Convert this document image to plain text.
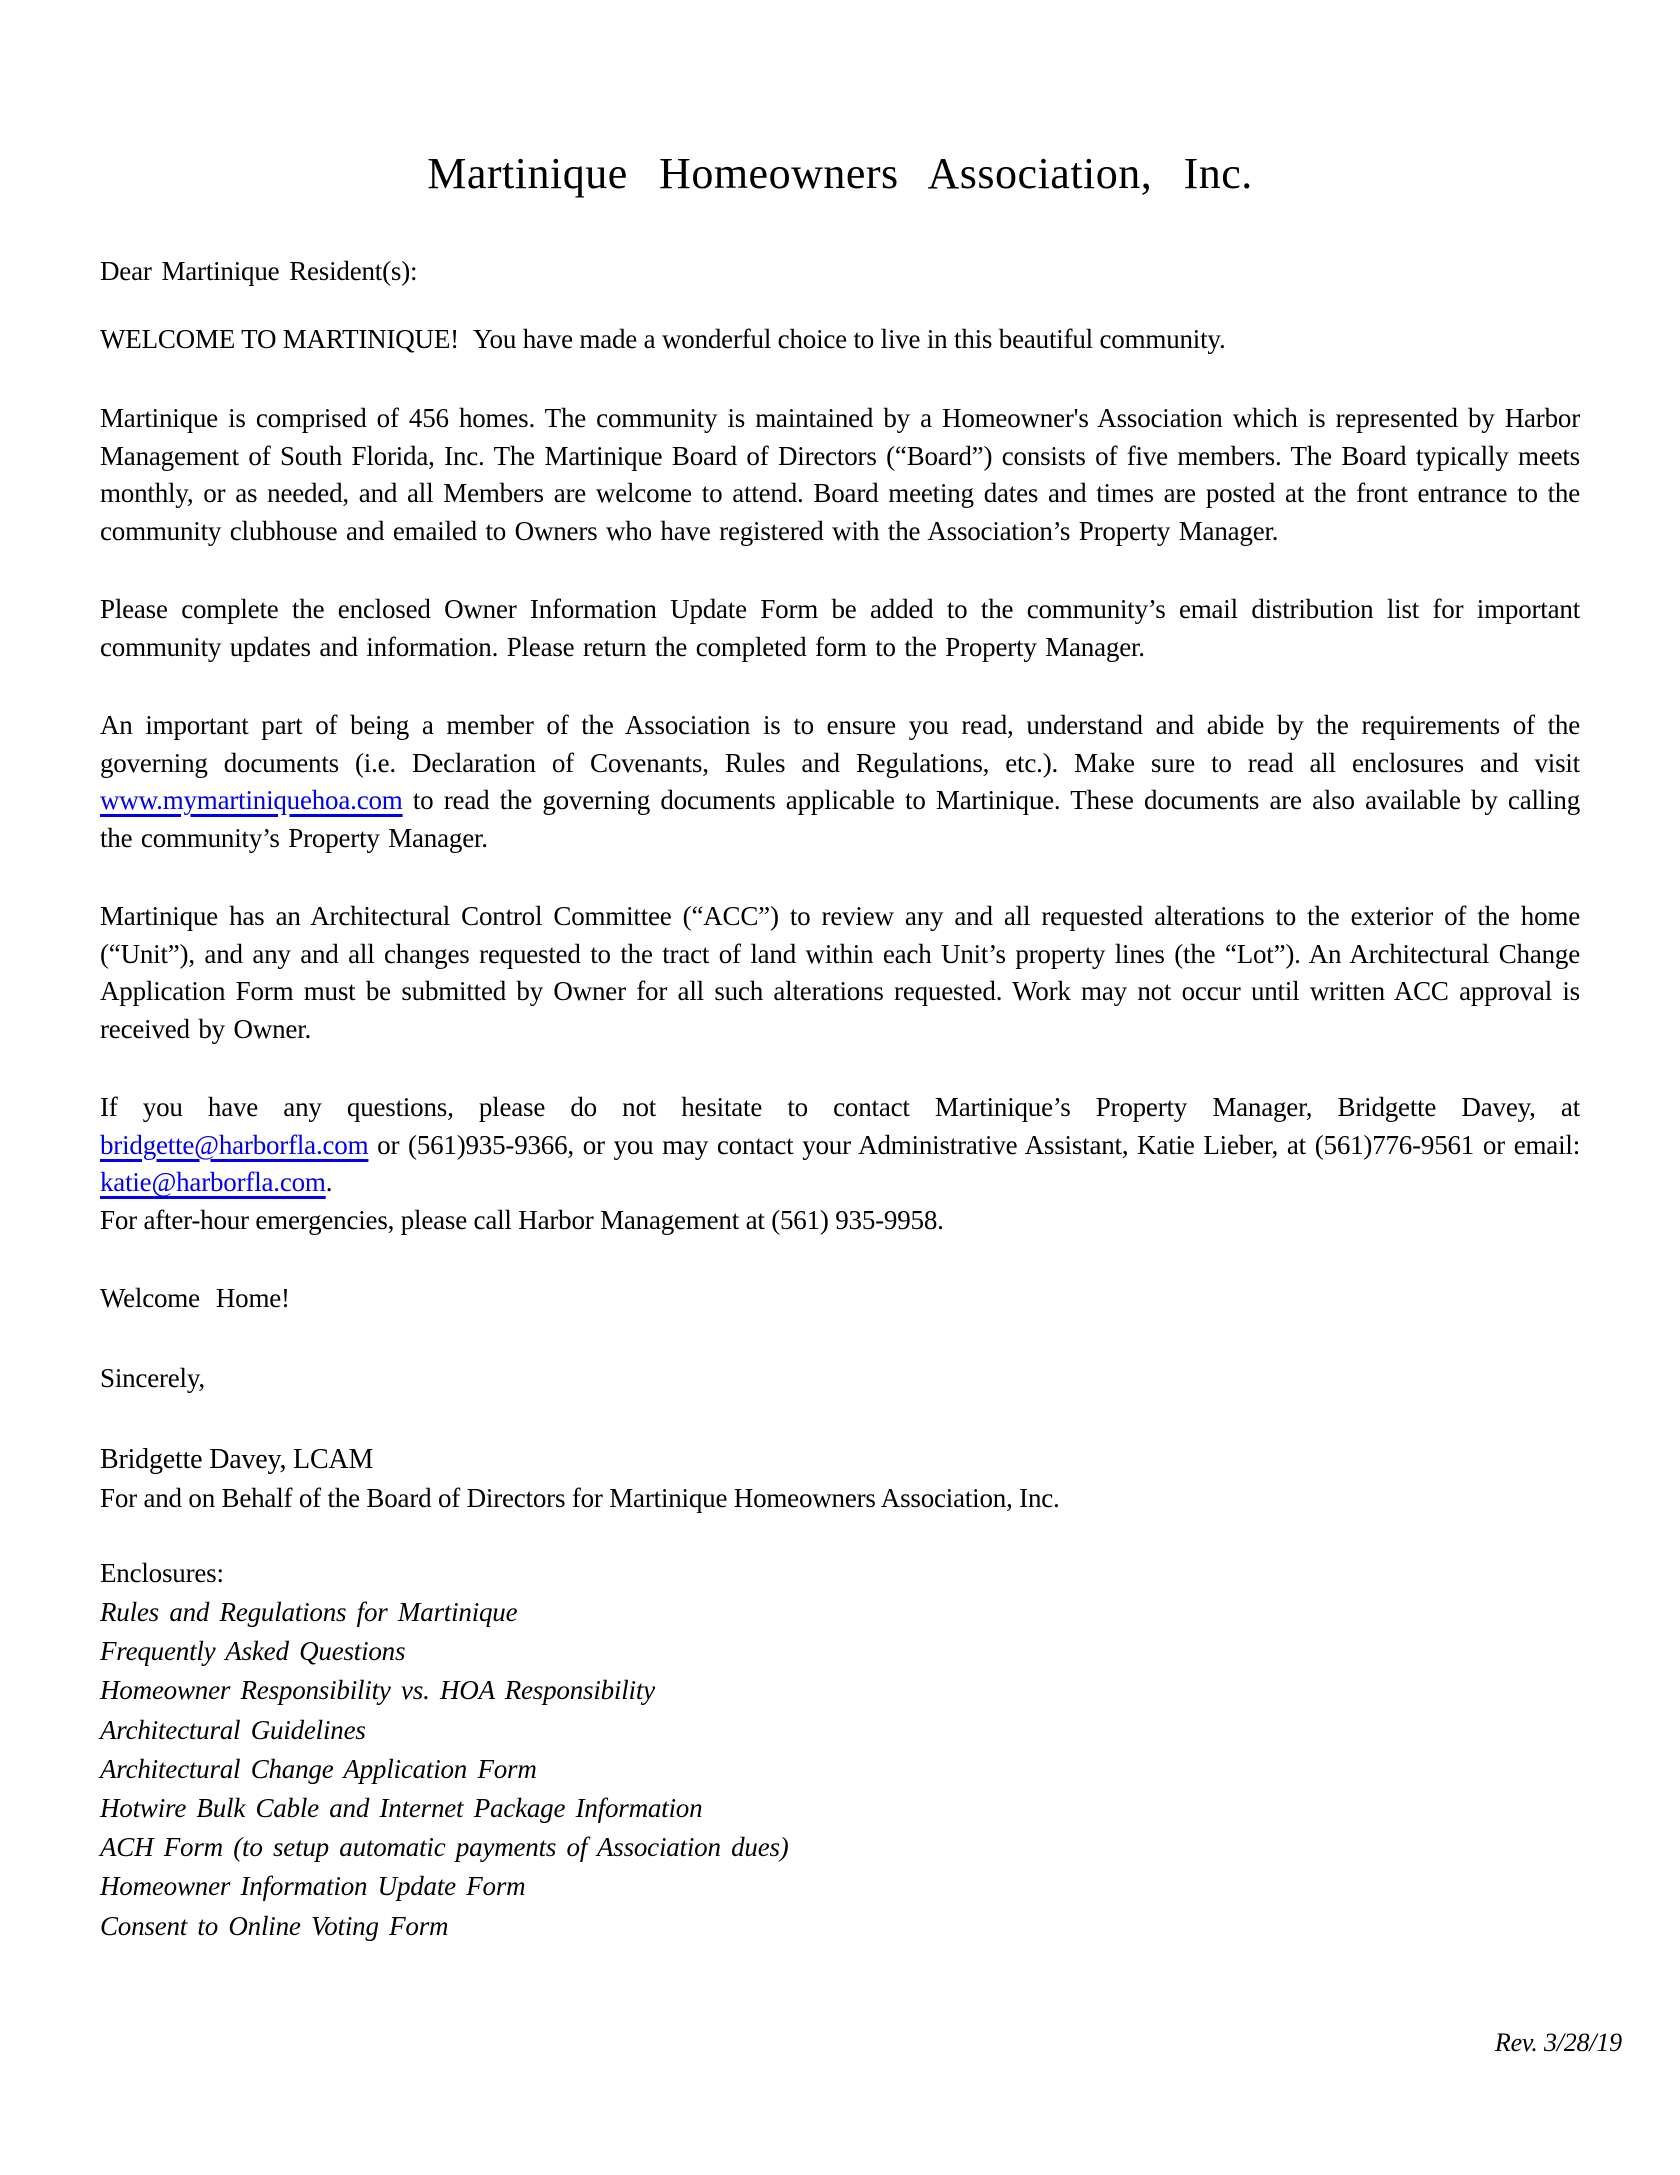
Martinique Homeowners Association, Inc.
Dear Martinique Resident(s):
WELCOME TO MARTINIQUE! You have made a wonderful choice to live in this beautiful community.

Martinique is comprised of 456 homes. The community is maintained by a Homeowner's Association which is represented by Harbor Management of South Florida, Inc. The Martinique Board of Directors (“Board”) consists of five members. The Board typically meets monthly, or as needed, and all Members are welcome to attend. Board meeting dates and times are posted at the front entrance to the community clubhouse and emailed to Owners who have registered with the Association’s Property Manager.

Please complete the enclosed Owner Information Update Form be added to the community’s email distribution list for important community updates and information. Please return the completed form to the Property Manager.

An important part of being a member of the Association is to ensure you read, understand and abide by the requirements of the governing documents (i.e. Declaration of Covenants, Rules and Regulations, etc.). Make sure to read all enclosures and visit www.mymartiniquehoa.com to read the governing documents applicable to Martinique. These documents are also available by calling the community’s Property Manager.

Martinique has an Architectural Control Committee (“ACC”) to review any and all requested alterations to the exterior of the home (“Unit”), and any and all changes requested to the tract of land within each Unit’s property lines (the “Lot”). An Architectural Change Application Form must be submitted by Owner for all such alterations requested. Work may not occur until written ACC approval is received by Owner.

If you have any questions, please do not hesitate to contact Martinique’s Property Manager, Bridgette Davey, at bridgette@harborfla.com or (561)935-9366, or you may contact your Administrative Assistant, Katie Lieber, at (561)776-9561 or email: katie@harborfla.com.

For after-hour emergencies, please call Harbor Management at (561) 935-9958.
Welcome Home!
Sincerely,
Bridgette Davey, LCAM
For and on Behalf of the Board of Directors for Martinique Homeowners Association, Inc.
Enclosures:
Rules and Regulations for Martinique
Frequently Asked Questions
Homeowner Responsibility vs. HOA Responsibility
Architectural Guidelines
Architectural Change Application Form
Hotwire Bulk Cable and Internet Package Information
ACH Form (to setup automatic payments of Association dues)
Homeowner Information Update Form
Consent to Online Voting Form
Rev. 3/28/19
